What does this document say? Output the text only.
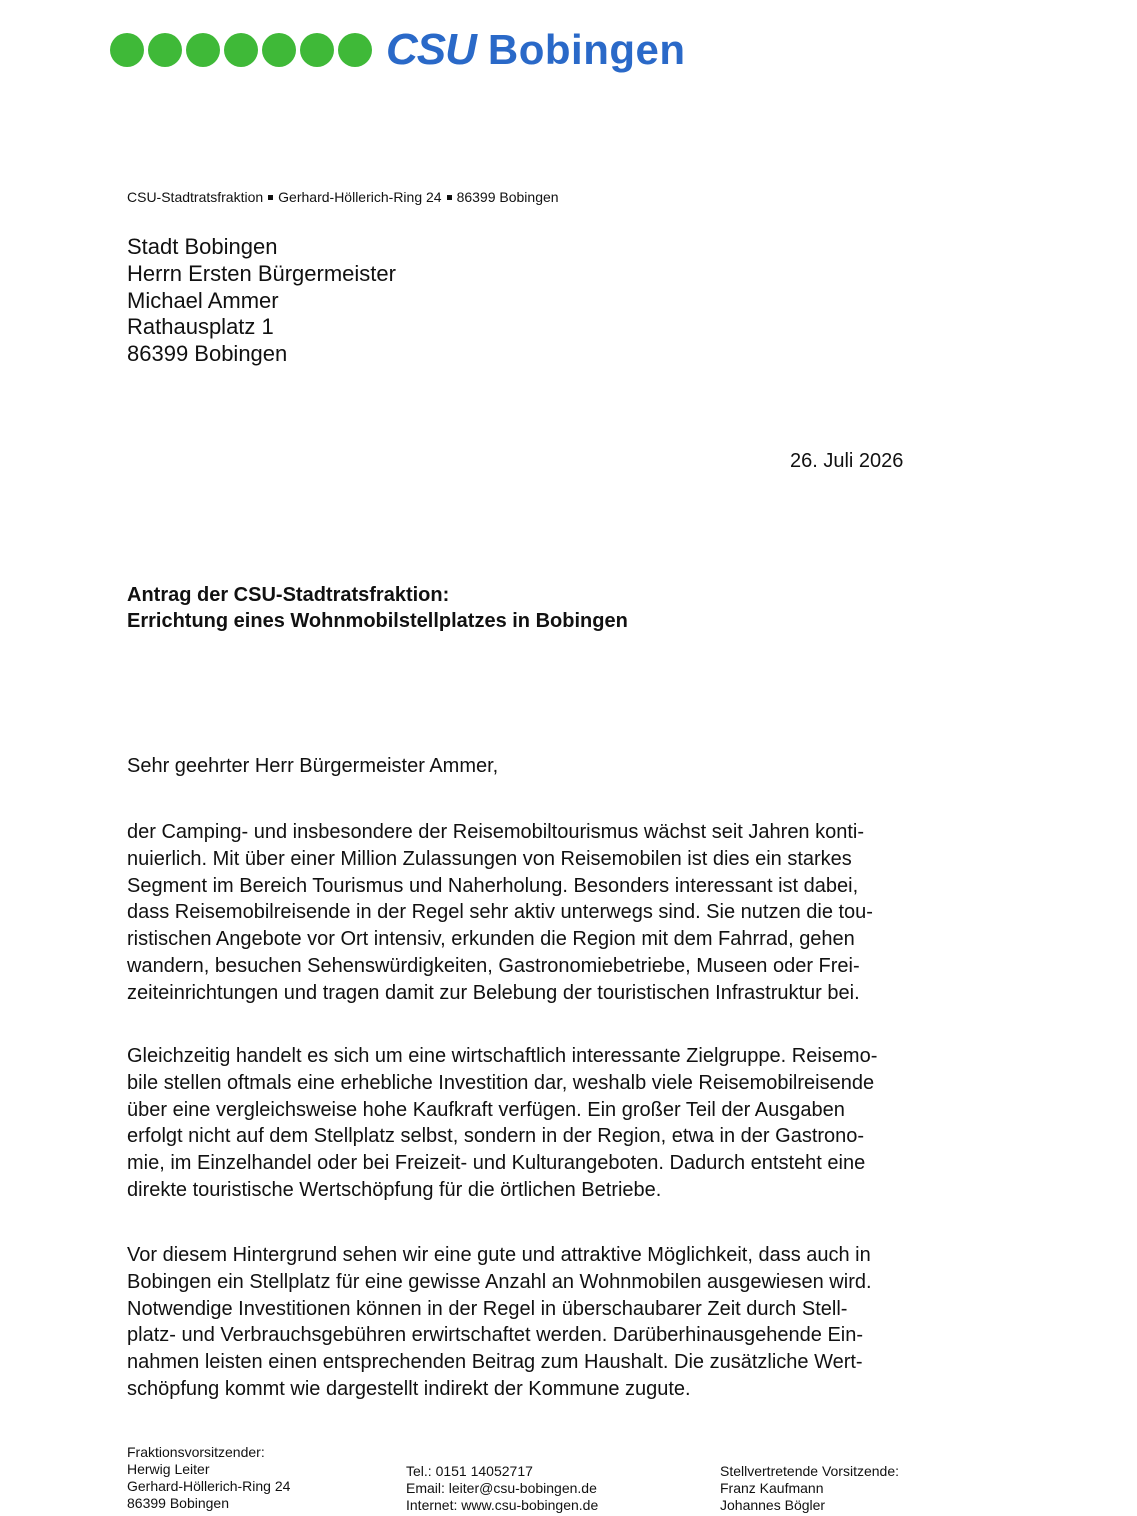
CSU Bobingen
CSU-Stadtratsfraktion Gerhard-Höllerich-Ring 24 86399 Bobingen
Stadt Bobingen
Herrn Ersten Bürgermeister
Michael Ammer
Rathausplatz 1
86399 Bobingen
26. Juli 2026
Antrag der CSU-Stadtratsfraktion:
Errichtung eines Wohnmobilstellplatzes in Bobingen
Sehr geehrter Herr Bürgermeister Ammer,
der Camping- und insbesondere der Reisemobiltourismus wächst seit Jahren konti-
nuierlich. Mit über einer Million Zulassungen von Reisemobilen ist dies ein starkes
Segment im Bereich Tourismus und Naherholung. Besonders interessant ist dabei,
dass Reisemobilreisende in der Regel sehr aktiv unterwegs sind. Sie nutzen die tou-
ristischen Angebote vor Ort intensiv, erkunden die Region mit dem Fahrrad, gehen
wandern, besuchen Sehenswürdigkeiten, Gastronomiebetriebe, Museen oder Frei-
zeiteinrichtungen und tragen damit zur Belebung der touristischen Infrastruktur bei.
Gleichzeitig handelt es sich um eine wirtschaftlich interessante Zielgruppe. Reisemo-
bile stellen oftmals eine erhebliche Investition dar, weshalb viele Reisemobilreisende
über eine vergleichsweise hohe Kaufkraft verfügen. Ein großer Teil der Ausgaben
erfolgt nicht auf dem Stellplatz selbst, sondern in der Region, etwa in der Gastrono-
mie, im Einzelhandel oder bei Freizeit- und Kulturangeboten. Dadurch entsteht eine
direkte touristische Wertschöpfung für die örtlichen Betriebe.
Vor diesem Hintergrund sehen wir eine gute und attraktive Möglichkeit, dass auch in
Bobingen ein Stellplatz für eine gewisse Anzahl an Wohnmobilen ausgewiesen wird.
Notwendige Investitionen können in der Regel in überschaubarer Zeit durch Stell-
platz- und Verbrauchsgebühren erwirtschaftet werden. Darüberhinausgehende Ein-
nahmen leisten einen entsprechenden Beitrag zum Haushalt. Die zusätzliche Wert-
schöpfung kommt wie dargestellt indirekt der Kommune zugute.
Fraktionsvorsitzender:
Herwig Leiter
Gerhard-Höllerich-Ring 24
86399 Bobingen
Tel.: 0151 14052717
Email: leiter@csu-bobingen.de
Internet: www.csu-bobingen.de
Stellvertretende Vorsitzende:
Franz Kaufmann
Johannes Bögler
